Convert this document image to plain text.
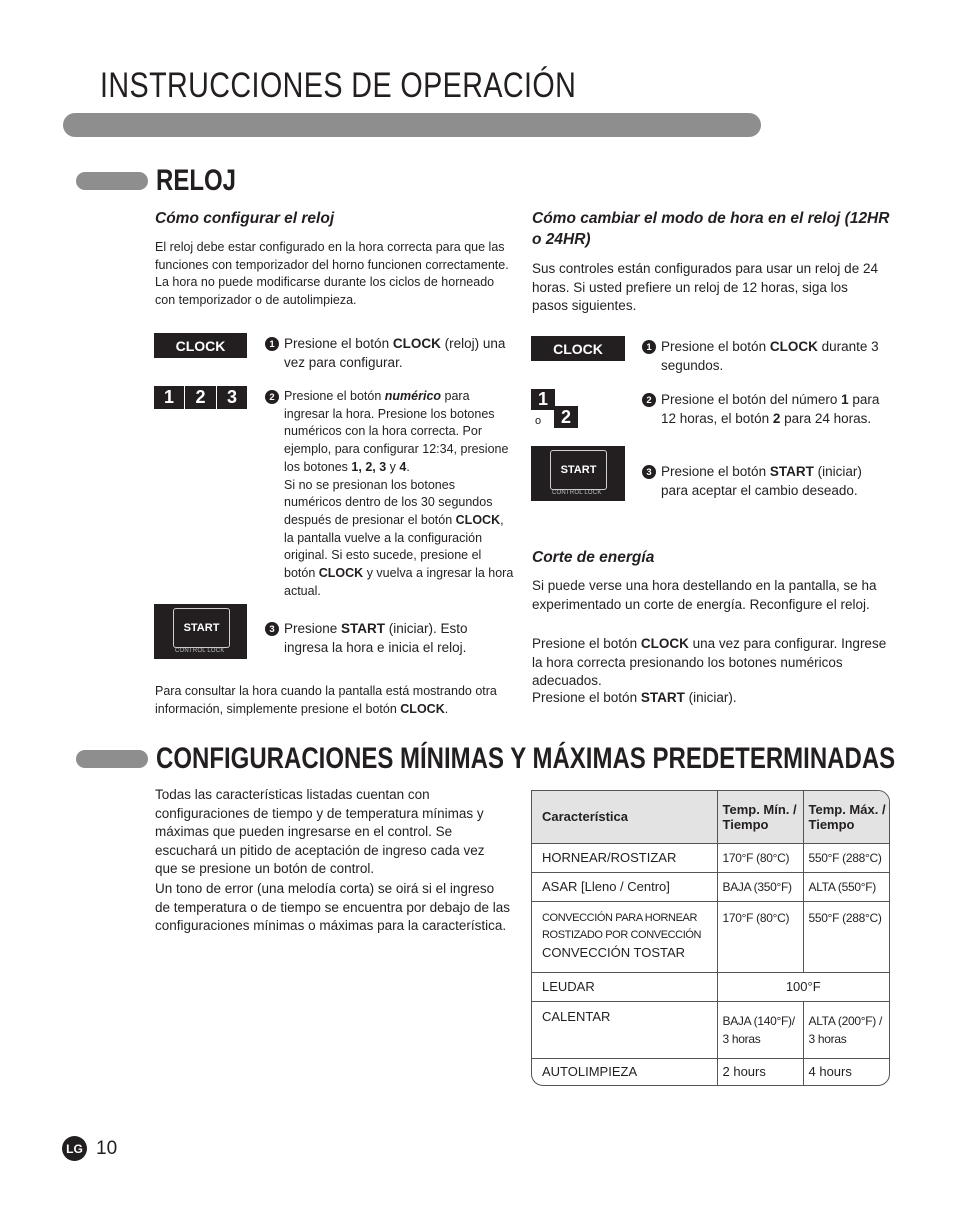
INSTRUCCIONES DE OPERACIÓN
RELOJ
Cómo configurar el reloj

El reloj debe estar configurado en la hora correcta para que las funciones con temporizador del horno funcionen correctamente. La hora no puede modificarse durante los ciclos de horneado con temporizador o de autolimpieza.

CLOCK
1	2	3
START
CONTROL LOCK
1 Presione el botón CLOCK (reloj) una vez para configurar.

2 Presione el botón numérico para ingresar la hora. Presione los botones numéricos con la hora correcta. Por ejemplo, para configurar 12:34, presione los botones 1, 2, 3 y 4.
Si no se presionan los botones numéricos dentro de los 30 segundos después de presionar el botón CLOCK, la pantalla vuelve a la configuración original. Si esto sucede, presione el botón CLOCK y vuelva a ingresar la hora actual.

3 Presione START (iniciar). Esto ingresa la hora e inicia el reloj.

Para consultar la hora cuando la pantalla está mostrando otra información, simplemente presione el botón CLOCK.

Cómo cambiar el modo de hora en el reloj (12HR o 24HR)

Sus controles están configurados para usar un reloj de 24 horas. Si usted prefiere un reloj de 12 horas, siga los pasos siguientes.

CLOCK
1
o	2
START
CONTROL LOCK
1 Presione el botón CLOCK durante 3 segundos.

2 Presione el botón del número 1 para 12 horas, el botón 2 para 24 horas.

3 Presione el botón START (iniciar) para aceptar el cambio deseado.

Corte de energía

Si puede verse una hora destellando en la pantalla, se ha experimentado un corte de energía. Reconfigure el reloj.

Presione el botón CLOCK una vez para configurar. Ingrese la hora correcta presionando los botones numéricos adecuados.

Presione el botón START (iniciar).

CONFIGURACIONES MÍNIMAS Y MÁXIMAS PREDETERMINADAS

Todas las características listadas cuentan con configuraciones de tiempo y de temperatura mínimas y máximas que pueden ingresarse en el control. Se escuchará un pitido de aceptación de ingreso cada vez que se presione un botón de control.

Un tono de error (una melodía corta) se oirá si el ingreso de temperatura o de tiempo se encuentra por debajo de las configuraciones mínimas o máximas para la característica.

Característica	Temp. Mín. / Tiempo	Temp. Máx. / Tiempo
HORNEAR/ROSTIZAR	170°F (80°C)	550°F (288°C)
ASAR [Lleno / Centro]	BAJA (350°F)	ALTA (550°F)

CONVECCIÓN PARA HORNEAR
ROSTIZADO POR CONVECCIÓN
CONVECCIÓN TOSTAR	170°F (80°C)	550°F (288°C)
LEUDAR	100°F	
CALENTAR	BAJA (140°F)/ 3 horas	ALTA (200°F) / 3 horas
AUTOLIMPIEZA	2 hours	4 hours
LG 10
